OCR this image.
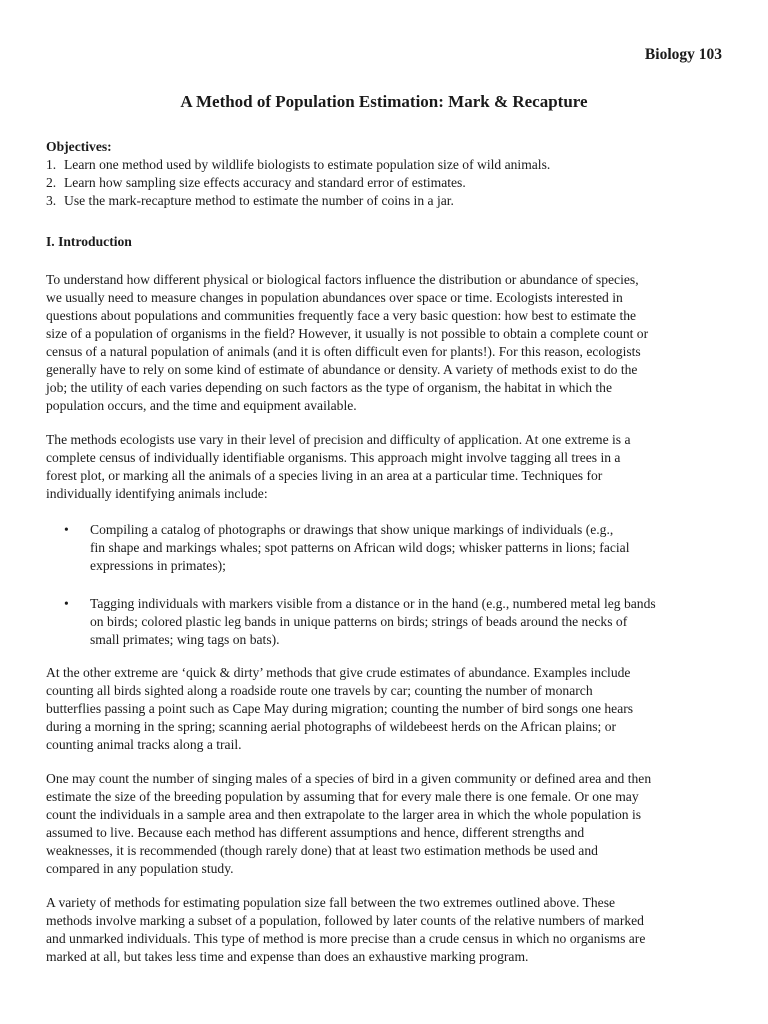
Biology 103
A Method of Population Estimation: Mark & Recapture
Objectives:
1. Learn one method used by wildlife biologists to estimate population size of wild animals.
2. Learn how sampling size effects accuracy and standard error of estimates.
3. Use the mark-recapture method to estimate the number of coins in a jar.
I. Introduction
To understand how different physical or biological factors influence the distribution or abundance of species,
we usually need to measure changes in population abundances over space or time. Ecologists interested in
questions about populations and communities frequently face a very basic question: how best to estimate the
size of a population of organisms in the field? However, it usually is not possible to obtain a complete count or
census of a natural population of animals (and it is often difficult even for plants!). For this reason, ecologists
generally have to rely on some kind of estimate of abundance or density. A variety of methods exist to do the
job; the utility of each varies depending on such factors as the type of organism, the habitat in which the
population occurs, and the time and equipment available.
The methods ecologists use vary in their level of precision and difficulty of application. At one extreme is a
complete census of individually identifiable organisms. This approach might involve tagging all trees in a
forest plot, or marking all the animals of a species living in an area at a particular time. Techniques for
individually identifying animals include:
• Compiling a catalog of photographs or drawings that show unique markings of individuals (e.g.,
fin shape and markings whales; spot patterns on African wild dogs; whisker patterns in lions; facial
expressions in primates);
• Tagging individuals with markers visible from a distance or in the hand (e.g., numbered metal leg bands
on birds; colored plastic leg bands in unique patterns on birds; strings of beads around the necks of
small primates; wing tags on bats).
At the other extreme are ‘quick & dirty’ methods that give crude estimates of abundance. Examples include
counting all birds sighted along a roadside route one travels by car; counting the number of monarch
butterflies passing a point such as Cape May during migration; counting the number of bird songs one hears
during a morning in the spring; scanning aerial photographs of wildebeest herds on the African plains; or
counting animal tracks along a trail.
One may count the number of singing males of a species of bird in a given community or defined area and then
estimate the size of the breeding population by assuming that for every male there is one female. Or one may
count the individuals in a sample area and then extrapolate to the larger area in which the whole population is
assumed to live. Because each method has different assumptions and hence, different strengths and
weaknesses, it is recommended (though rarely done) that at least two estimation methods be used and
compared in any population study.
A variety of methods for estimating population size fall between the two extremes outlined above. These
methods involve marking a subset of a population, followed by later counts of the relative numbers of marked
and unmarked individuals. This type of method is more precise than a crude census in which no organisms are
marked at all, but takes less time and expense than does an exhaustive marking program.
